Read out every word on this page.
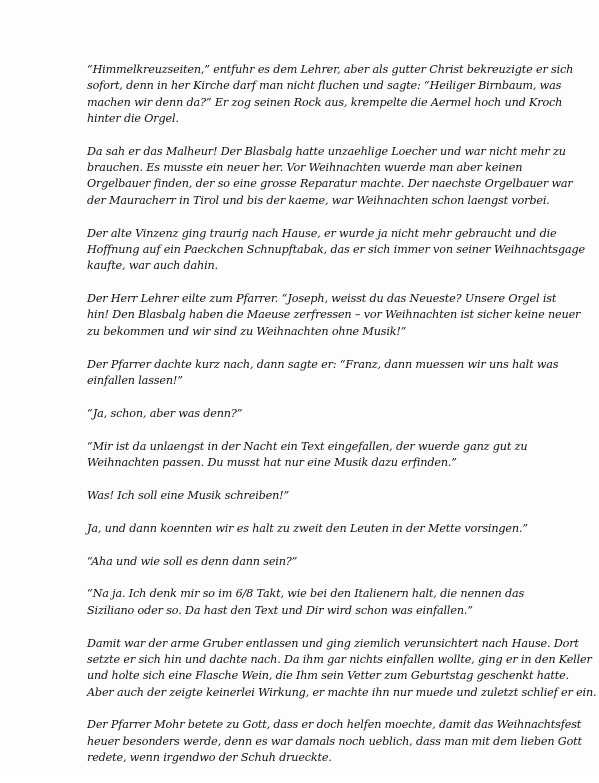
“Himmelkreuzseiten,” entfuhr es dem Lehrer, aber als gutter Christ bekreuzigte er sich
sofort, denn in her Kirche darf man nicht fluchen und sagte: “Heiliger Birnbaum, was
machen wir denn da?” Er zog seinen Rock aus, krempelte die Aermel hoch und Kroch
hinter die Orgel.

Da sah er das Malheur! Der Blasbalg hatte unzaehlige Loecher und war nicht mehr zu
brauchen. Es musste ein neuer her. Vor Weihnachten wuerde man aber keinen
Orgelbauer finden, der so eine grosse Reparatur machte. Der naechste Orgelbauer war
der Mauracherr in Tirol und bis der kaeme, war Weihnachten schon laengst vorbei.

Der alte Vinzenz ging traurig nach Hause, er wurde ja nicht mehr gebraucht und die
Hoffnung auf ein Paeckchen Schnupftabak, das er sich immer von seiner Weihnachtsgage
kaufte, war auch dahin.

Der Herr Lehrer eilte zum Pfarrer. “Joseph, weisst du das Neueste? Unsere Orgel ist
hin! Den Blasbalg haben die Maeuse zerfressen – vor Weihnachten ist sicher keine neuer
zu bekommen und wir sind zu Weihnachten ohne Musik!”

Der Pfarrer dachte kurz nach, dann sagte er: “Franz, dann muessen wir uns halt was
einfallen lassen!”

“Ja, schon, aber was denn?”

“Mir ist da unlaengst in der Nacht ein Text eingefallen, der wuerde ganz gut zu
Weihnachten passen. Du musst hat nur eine Musik dazu erfinden.”

Was! Ich soll eine Musik schreiben!”

Ja, und dann koennten wir es halt zu zweit den Leuten in der Mette vorsingen.”

“Aha und wie soll es denn dann sein?”

“Na ja. Ich denk mir so im 6/8 Takt, wie bei den Italienern halt, die nennen das
Siziliano oder so. Da hast den Text und Dir wird schon was einfallen.”

Damit war der arme Gruber entlassen und ging ziemlich verunsichtert nach Hause. Dort
setzte er sich hin und dachte nach. Da ihm gar nichts einfallen wollte, ging er in den Keller
und holte sich eine Flasche Wein, die Ihm sein Vetter zum Geburtstag geschenkt hatte.
Aber auch der zeigte keinerlei Wirkung, er machte ihn nur muede und zuletzt schlief er ein.

Der Pfarrer Mohr betete zu Gott, dass er doch helfen moechte, damit das Weihnachtsfest
heuer besonders werde, denn es war damals noch ueblich, dass man mit dem lieben Gott
redete, wenn irgendwo der Schuh drueckte.
